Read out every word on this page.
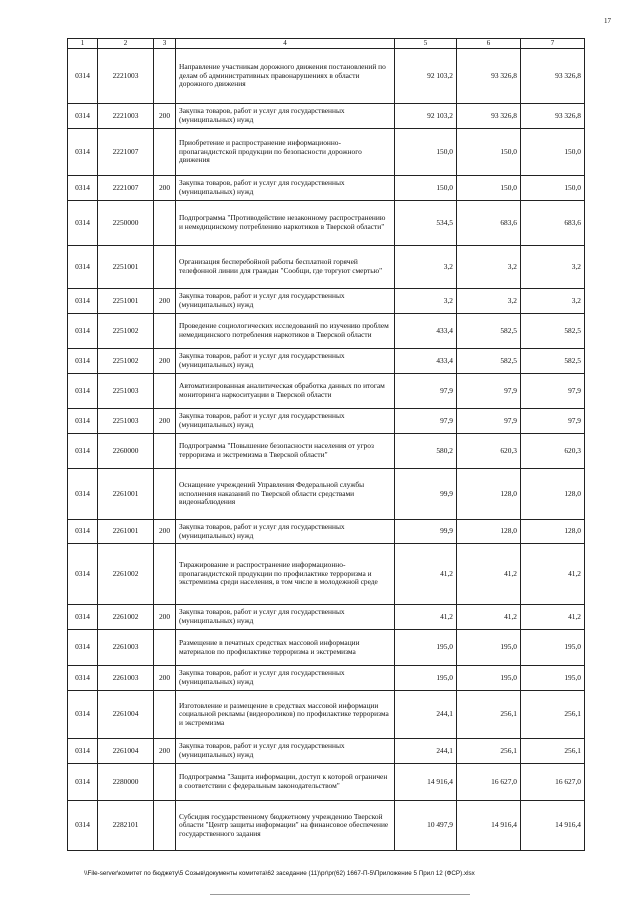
17
1	2	3	4	5	6	7
0314	2221003		Направление участникам дорожного движения постановлений по делам об административных правонарушениях в области дорожного движения	92 103,2	93 326,8	93 326,8
0314	2221003	200	Закупка товаров, работ и услуг для государственных (муниципальных) нужд	92 103,2	93 326,8	93 326,8
0314	2221007		Приобретение и распространение информационно-пропагандистской продукции по безопасности дорожного движения	150,0	150,0	150,0
0314	2221007	200	Закупка товаров, работ и услуг для государственных (муниципальных) нужд	150,0	150,0	150,0
0314	2250000		Подпрограмма "Противодействие незаконному распространению и немедицинскому потреблению наркотиков в Тверской области"	534,5	683,6	683,6
0314	2251001		Организация бесперебойной работы бесплатной горячей телефонной линии для граждан "Сообщи, где торгуют смертью"	3,2	3,2	3,2
0314	2251001	200	Закупка товаров, работ и услуг для государственных (муниципальных) нужд	3,2	3,2	3,2
0314	2251002		Проведение социологических исследований по изучению проблем немедицинского потребления наркотиков в Тверской области	433,4	582,5	582,5
0314	2251002	200	Закупка товаров, работ и услуг для государственных (муниципальных) нужд	433,4	582,5	582,5
0314	2251003		Автоматизированная аналитическая обработка данных по итогам мониторинга наркоситуации в Тверской области	97,9	97,9	97,9
0314	2251003	200	Закупка товаров, работ и услуг для государственных (муниципальных) нужд	97,9	97,9	97,9
0314	2260000		Подпрограмма "Повышение безопасности населения от угроз терроризма и экстремизма в Тверской области"	580,2	620,3	620,3
0314	2261001		Оснащение учреждений Управления Федеральной службы исполнения наказаний по Тверской области средствами видеонаблюдения	99,9	128,0	128,0
0314	2261001	200	Закупка товаров, работ и услуг для государственных (муниципальных) нужд	99,9	128,0	128,0
0314	2261002		Тиражирование и распространение информационно-пропагандистской продукции по профилактике терроризма и экстремизма среди населения, в том числе в молодежной среде	41,2	41,2	41,2
0314	2261002	200	Закупка товаров, работ и услуг для государственных (муниципальных) нужд	41,2	41,2	41,2
0314	2261003		Размещение в печатных средствах массовой информации материалов по профилактике терроризма и экстремизма	195,0	195,0	195,0
0314	2261003	200	Закупка товаров, работ и услуг для государственных (муниципальных) нужд	195,0	195,0	195,0
0314	2261004		Изготовление и размещение в средствах массовой информации социальной рекламы (видеороликов) по профилактике терроризма и экстремизма	244,1	256,1	256,1
0314	2261004	200	Закупка товаров, работ и услуг для государственных (муниципальных) нужд	244,1	256,1	256,1
0314	2280000		Подпрограмма "Защита информации, доступ к которой ограничен в соответствии с федеральным законодательством"	14 916,4	16 627,0	16 627,0
0314	2282101		Субсидия государственному бюджетному учреждению Тверской области "Центр защиты информации" на финансовое обеспечение государственного задания	10 497,9	14 916,4	14 916,4
\\File-server\комитет по бюджету\5 Созыв\документы комитета\62 заседание (11)\pr\pr(62) 1667-П-5\Приложение 5 Прил 12 (ФСР).xlsx
